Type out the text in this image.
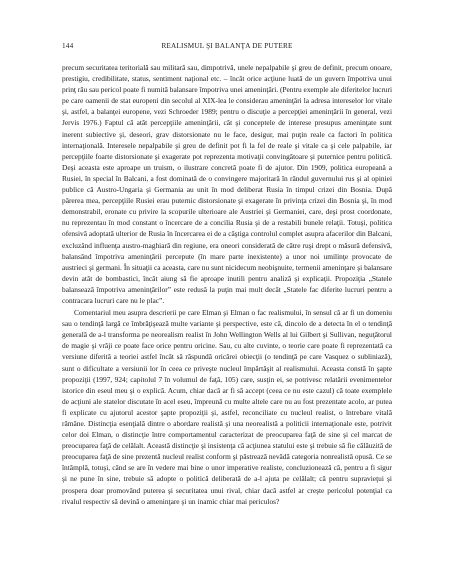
144	REALISMUL ŞI BALANŢA DE PUTERE

precum securitatea teritorială sau militară sau, dimpotrivă, unele nepalpabile şi greu de definit, precum onoare, prestigiu, credibilitate, status, sentiment naţional etc. – încât orice acţiune luată de un guvern împotriva unui prinţ rău sau pericol poate fi numită balansare împotriva unei ameninţări. (Pentru exemple ale diferitelor lucruri pe care oamenii de stat europeni din secolul al XIX-lea le considerau ameninţări la adresa intereselor lor vitale şi, astfel, a balanţei europene, vezi Schroeder 1989; pentru o discuţie a percepţiei ameninţării în general, vezi Jervis 1976.) Faptul că atât percepţiile ameninţării, cât şi conceptele de interese presupus ameninţate sunt inerent subiective şi, deseori, grav distorsionate nu le face, desigur, mai puţin reale ca factori în politica internaţională. Interesele nepalpabile şi greu de definit pot fi la fel de reale şi vitale ca şi cele palpabile, iar percepţiile foarte distorsionate şi exagerate pot reprezenta motivaţii convingătoare şi puternice pentru politică. Deşi aceasta este aproape un truism, o ilustrare concretă poate fi de ajutor. Din 1909, politica europeană a Rusiei, în special în Balcani, a fost dominată de o convingere majoritară în rândul guvernului rus şi al opiniei publice că Austro-Ungaria şi Germania au unit în mod deliberat Rusia în timpul crizei din Bosnia. După părerea mea, percepţiile Rusiei erau puternic distorsionate şi exagerate în privinţa crizei din Bosnia şi, în mod demonstrabil, eronate cu privire la scopurile ulterioare ale Austriei şi Germaniei, care, deşi prost coordonate, nu reprezentau în mod constant o încercare de a concilia Rusia şi de a restabili bunele relaţii. Totuşi, politica ofensivă adoptată ulterior de Rusia în încercarea ei de a câştiga controlul complet asupra afacerilor din Balcani, excluzând influenţa austro-maghiară din regiune, era oneori considerată de către ruşi drept o măsură defensivă, balansând împotriva ameninţării percepute (în mare parte inexistente) a unor noi umilinţe provocate de austrieci şi germani. În situaţii ca aceasta, care nu sunt nicidecum neobişnuite, termenii ameninţare şi balansare devin atât de bombastici, încât aiung să fie aproape inutili pentru analiză şi explicaţii. Propoziţia „Statele balansează împotriva ameninţărilor” este redusă la puţin mai mult decât „Statele fac diferite lucruri pentru a contracara lucruri care nu le plac”.

Comentariul meu asupra descrierii pe care Elman şi Elman o fac realismului, în sensul că ar fi un domeniu sau o tendinţă largă ce îmbrăţişează multe variante şi perspective, este că, dincolo de a detecta în el o tendinţă generală de a-l transforma pe neorealism realist în John Wellington Wells al lui Gilbert şi Sullivan, neguţătorul de magie şi vrăji ce poate face orice pentru oricine. Sau, cu alte cuvinte, o teorie care poate fi reprezentată ca versiune diferită a teoriei astfel încât să răspundă oricărei obiecţii (o tendinţă pe care Vasquez o subliniază), sunt o dificultate a versiunii lor în ceea ce priveşte nucleul împărtăşit al realismului. Aceasta constă în şapte propoziţii (1997, 924; capitolul 7 în volumul de faţă, 105) care, susţin ei, se potrivesc relatării evenimentelor istorice din eseul meu şi o explică. Acum, chiar dacă ar fi să accept (ceea ce nu este cazul) că toate exemplele de acţiuni ale statelor discutate în acel eseu, împreună cu multe altele care nu au fost prezentate acolo, ar putea fi explicate cu ajutorul acestor şapte propoziţii şi, astfel, reconciliate cu nucleul realist, o întrebare vitală rămâne. Distincţia esenţială dintre o abordare realistă şi una neorealistă a politicii internaţionale este, potrivit celor doi Elman, o distincţie între comportamentul caracterizat de preocuparea faţă de sine şi cel marcat de preocuparea faţă de celălalt. Această distincţie şi insistenţa că acţiunea statului este şi trebuie să fie călăuzită de preocuparea faţă de sine prezentă nucleul realist conform şi păstrează nevădă categoria nonrealistă opusă. Ce se întâmplă, totuşi, când se are în vedere mai bine o unor imperative realiste, concluzionează că, pentru a fi sigur şi ne pune în sine, trebuie să adopte o politică deliberată de a-l ajuta pe celălalt; că pentru supravieţui şi prospera doar promovând puterea şi securitatea unui rival, chiar dacă astfel ar creşte pericolul potenţial ca rivalul respectiv să devină o ameninţare şi un inamic chiar mai periculos?
